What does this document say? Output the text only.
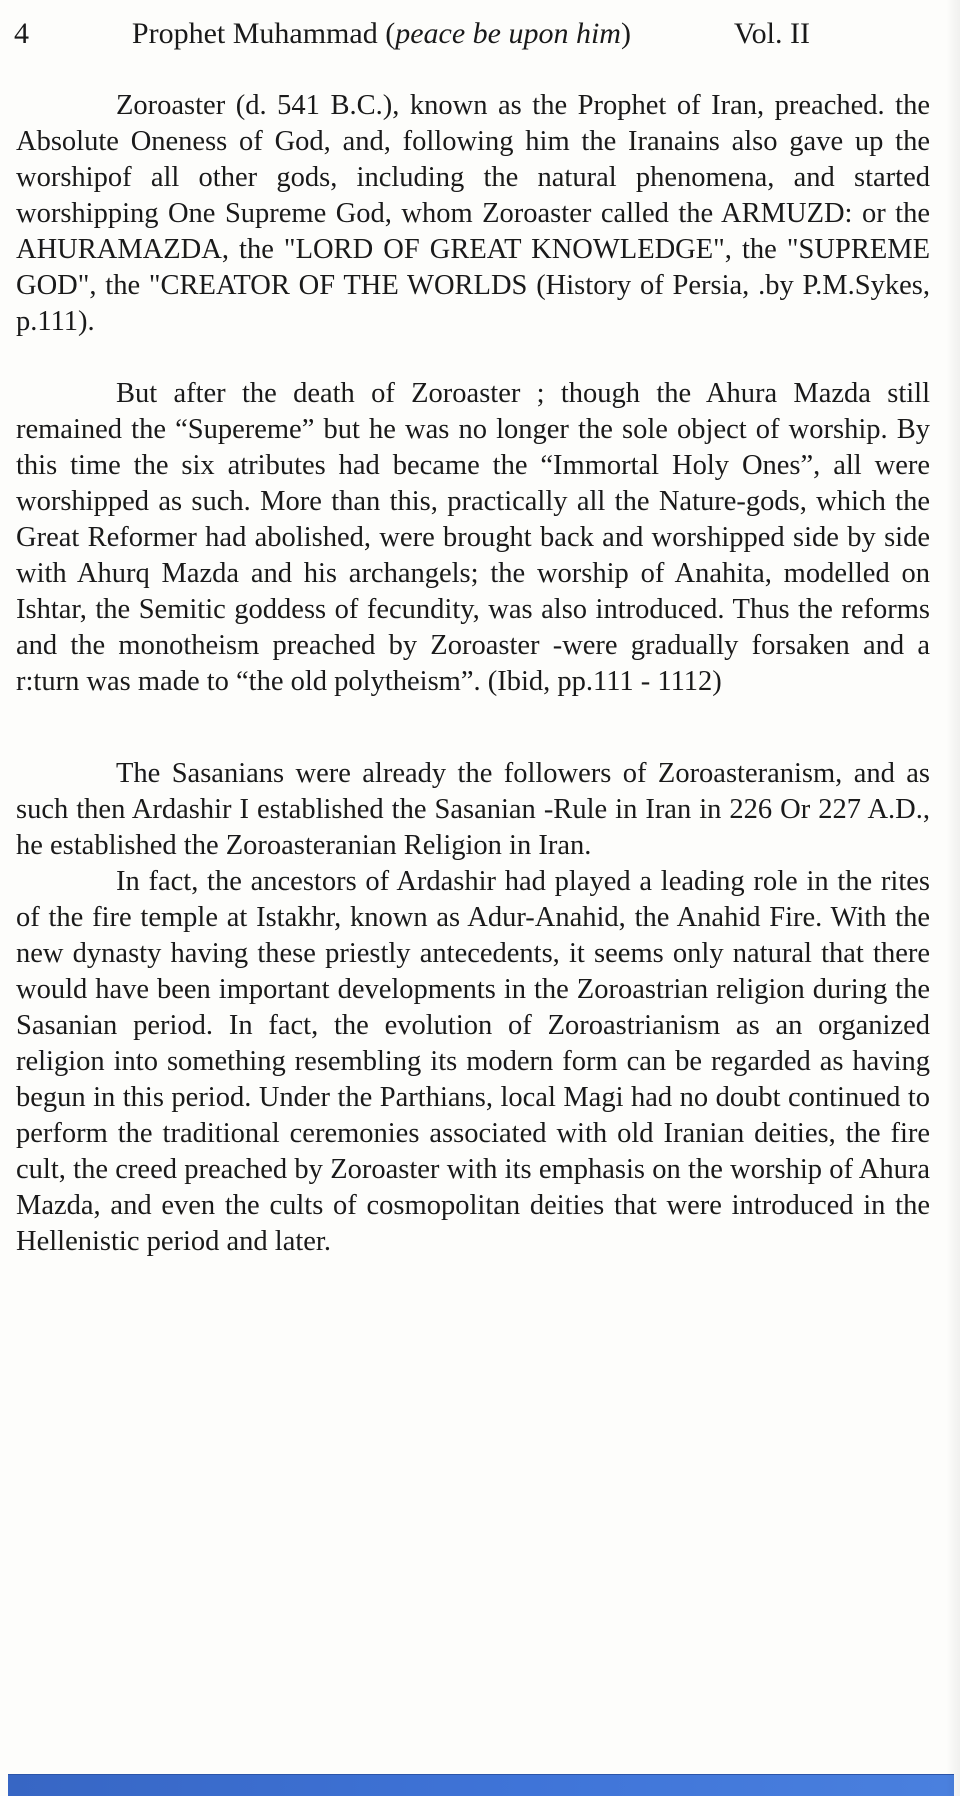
4	Prophet Muhammad (peace be upon him)	Vol. II

Zoroaster (d. 541 B.C.), known as the Prophet of Iran, preached. the Absolute Oneness of God, and, following him the Iranains also gave up the worshipof all other gods, including the natural phenomena, and started worshipping One Supreme God, whom Zoroaster called the ARMUZD: or the AHURAMAZDA, the "LORD OF GREAT KNOWLEDGE", the "SUPREME GOD", the "CREATOR OF THE WORLDS (History of Persia, .by P.M.Sykes, p.111).

But after the death of Zoroaster ; though the Ahura Mazda still remained the “Supereme” but he was no longer the sole object of worship. By this time the six atributes had became the “Immortal Holy Ones”, all were worshipped as such. More than this, practically all the Nature-gods, which the Great Reformer had abolished, were brought back and worshipped side by side with Ahurq Mazda and his archangels; the worship of Anahita, modelled on Ishtar, the Semitic goddess of fecundity, was also introduced. Thus the reforms and the monotheism preached by Zoroaster -were gradually forsaken and a r:turn was made to “the old polytheism”. (Ibid, pp.111 - 1112)

The Sasanians were already the followers of Zoroasteranism, and as such then Ardashir I established the Sasanian -Rule in Iran in 226 Or 227 A.D., he established the Zoroasteranian Religion in Iran.

In fact, the ancestors of Ardashir had played a leading role in the rites of the fire temple at Istakhr, known as Adur-Anahid, the Anahid Fire. With the new dynasty having these priestly antecedents, it seems only natural that there would have been important developments in the Zoroastrian religion during the Sasanian period. In fact, the evolution of Zoroastrianism as an organized religion into something resembling its modern form can be regarded as having begun in this period. Under the Parthians, local Magi had no doubt continued to perform the traditional ceremonies associated with old Iranian deities, the fire cult, the creed preached by Zoroaster with its emphasis on the worship of Ahura Mazda, and even the cults of cosmopolitan deities that were introduced in the Hellenistic period and later.
